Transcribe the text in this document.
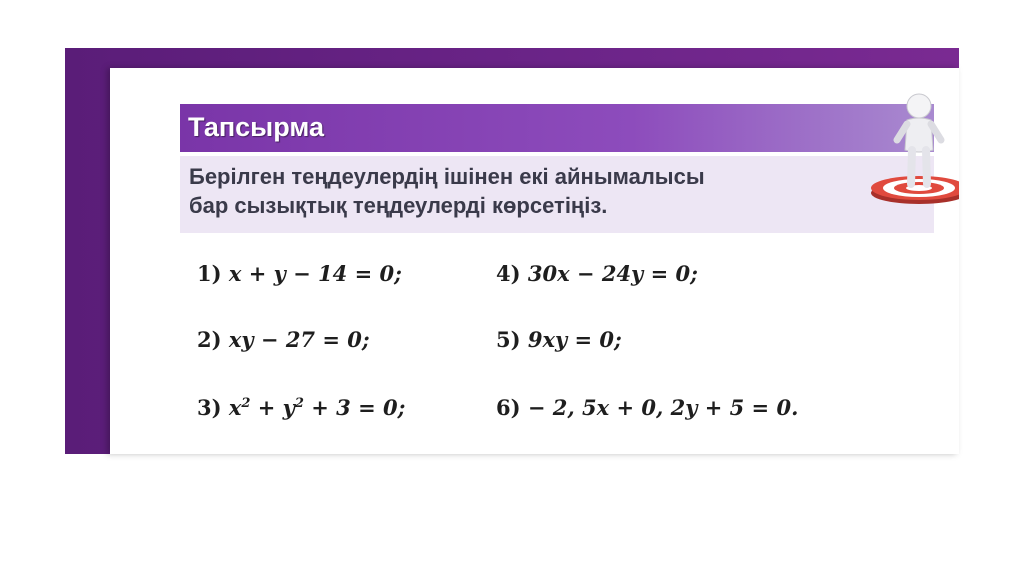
Тапсырма
Берілген теңдеулердің ішінен екі айнымалысы
бар сызықтық теңдеулерді көрсетіңіз.
1) x + y − 14 = 0;
2) xy − 27 = 0;
3) $x^2 + y^2 + 3 = 0$;
4) 30x − 24y = 0;
5) 9xy = 0;
6) − 2, 5x + 0, 2y + 5 = 0.
